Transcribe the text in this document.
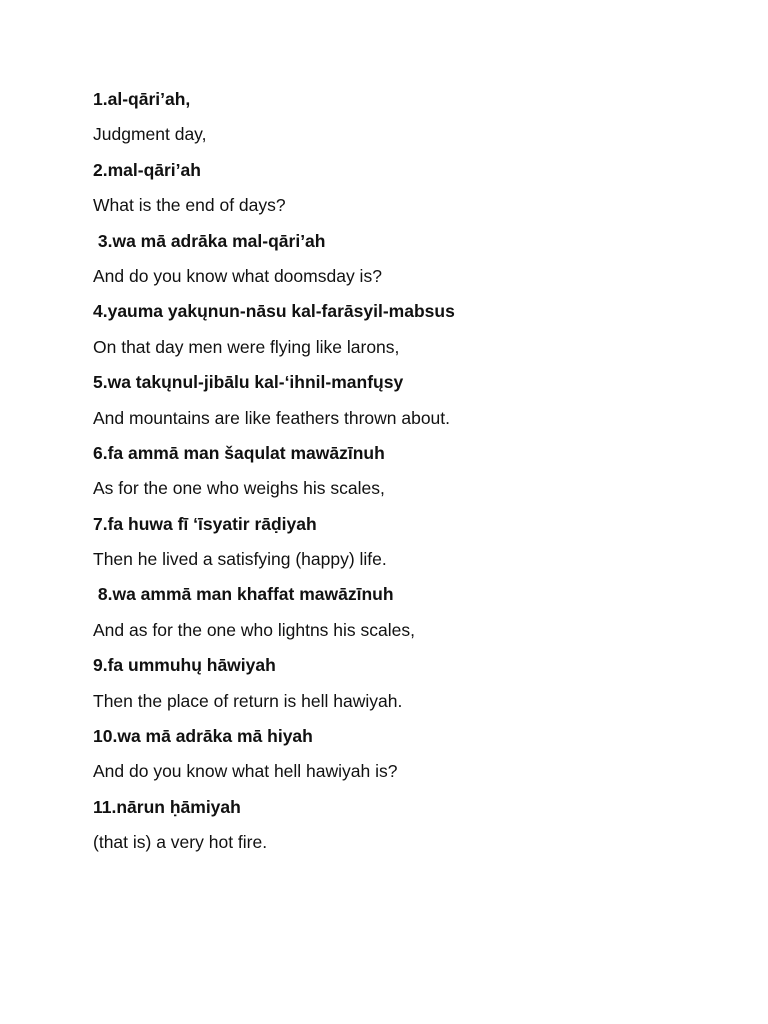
1.al-qāri’ah,
Judgment day,
2.mal-qāri’ah
What is the end of days?
3.wa mā adrāka mal-qāri’ah
And do you know what doomsday is?
4.yauma yakųnun-nāsu kal-farāsyil-mabsus
On that day men were flying like larons,
5.wa takųnul-jibālu kal-‘ihnil-manfųsy
And mountains are like feathers thrown about.
6.fa ammā man šaqulat mawāzīnuh
As for the one who weighs his scales,
7.fa huwa fī ‘īsyatir rāḍiyah
Then he lived a satisfying (happy) life.
8.wa ammā man khaffat mawāzīnuh
And as for the one who lightns his scales,
9.fa ummuhų hāwiyah
Then the place of return is hell hawiyah.
10.wa mā adrāka mā hiyah
And do you know what hell hawiyah is?
11.nārun ḥāmiyah
(that is) a very hot fire.
